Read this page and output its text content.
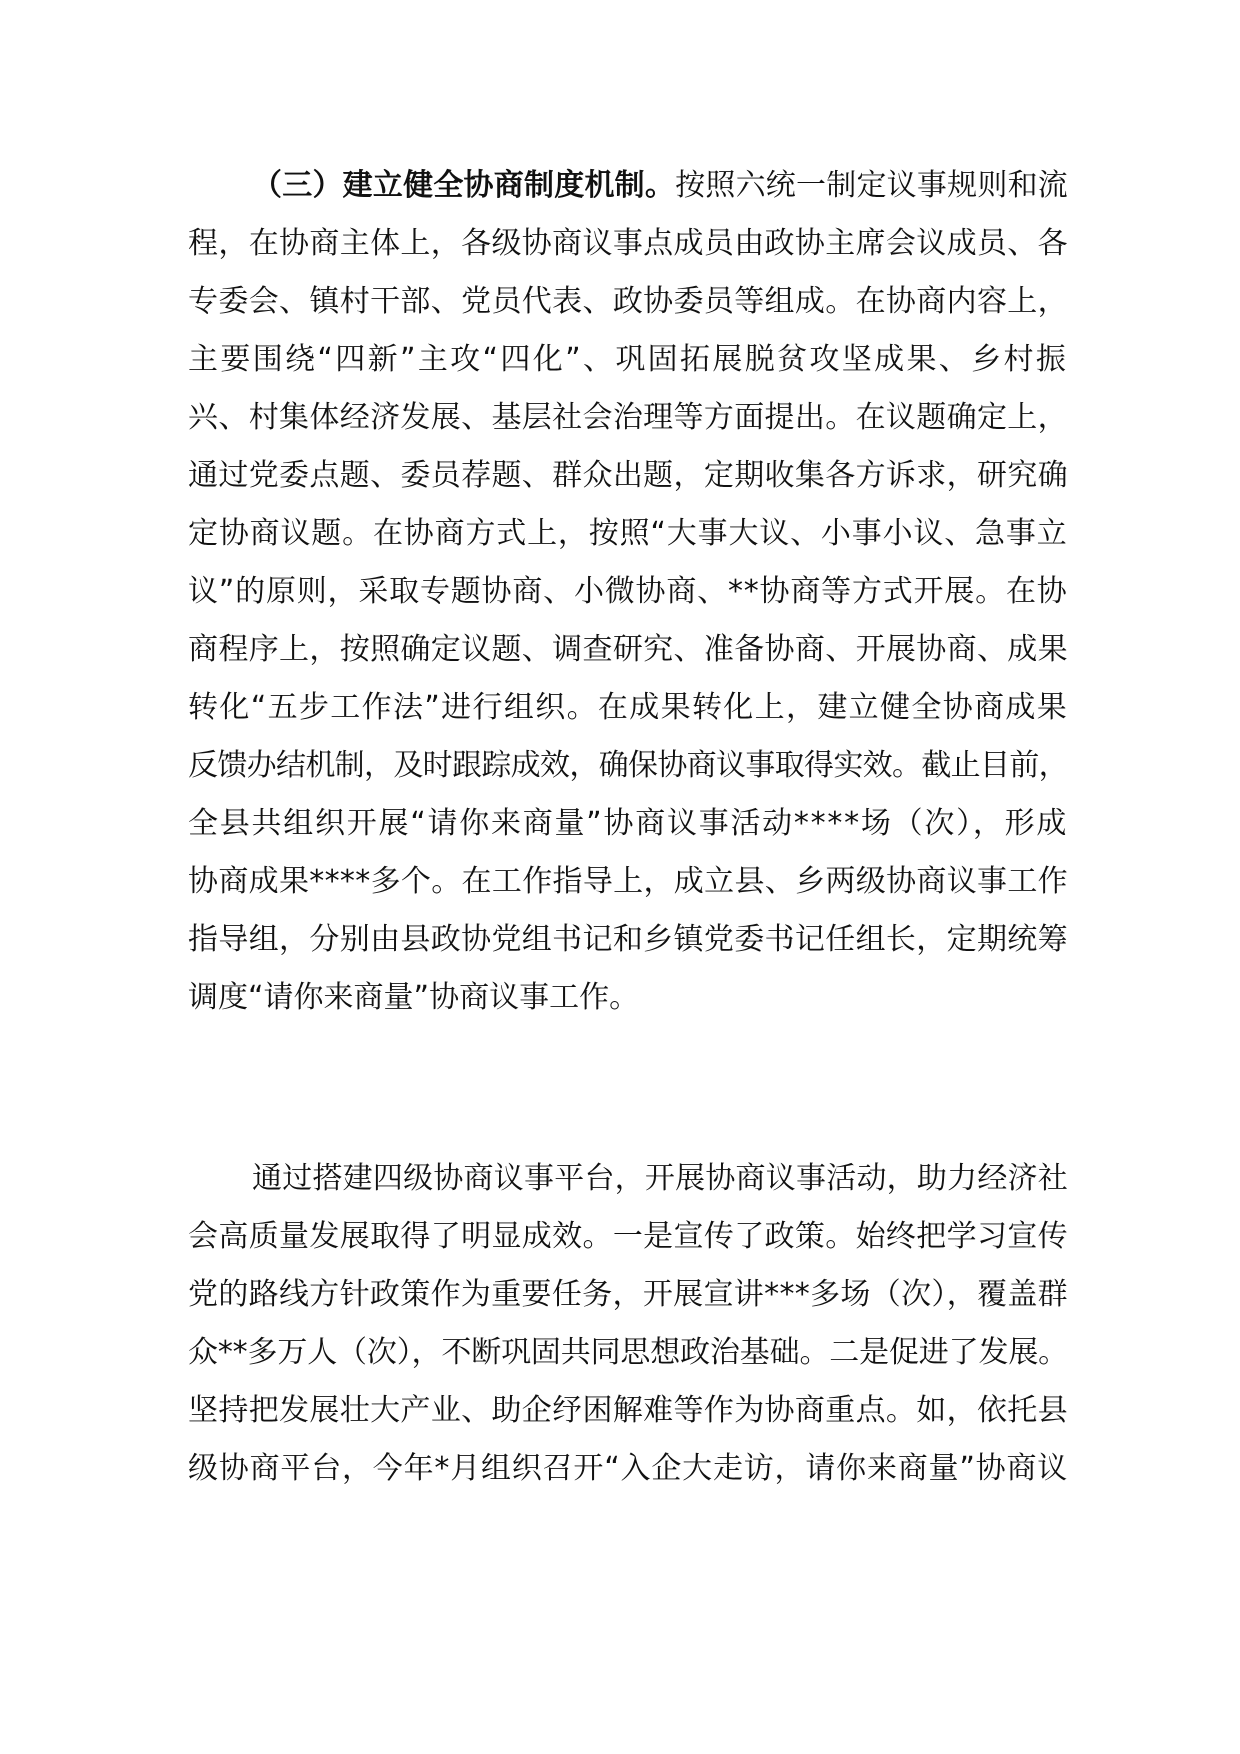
（三）建立健全协商制度机制。按照六统一制定议事规则和流
程，在协商主体上，各级协商议事点成员由政协主席会议成员、各
专委会、镇村干部、党员代表、政协委员等组成。在协商内容上，
主要围绕“四新”主攻“四化”、巩固拓展脱贫攻坚成果、乡村振
兴、村集体经济发展、基层社会治理等方面提出。在议题确定上，
通过党委点题、委员荐题、群众出题，定期收集各方诉求，研究确
定协商议题。在协商方式上，按照“大事大议、小事小议、急事立
议”的原则，采取专题协商、小微协商、**协商等方式开展。在协
商程序上，按照确定议题、调查研究、准备协商、开展协商、成果
转化“五步工作法”进行组织。在成果转化上，建立健全协商成果
反馈办结机制，及时跟踪成效，确保协商议事取得实效。截止目前，
全县共组织开展“请你来商量”协商议事活动****场（次），形成
协商成果****多个。在工作指导上，成立县、乡两级协商议事工作
指导组，分别由县政协党组书记和乡镇党委书记任组长，定期统筹
调度“请你来商量”协商议事工作。
通过搭建四级协商议事平台，开展协商议事活动，助力经济社
会高质量发展取得了明显成效。一是宣传了政策。始终把学习宣传
党的路线方针政策作为重要任务，开展宣讲***多场（次），覆盖群
众**多万人（次），不断巩固共同思想政治基础。二是促进了发展。
坚持把发展壮大产业、助企纾困解难等作为协商重点。如，依托县
级协商平台，今年*月组织召开“入企大走访，请你来商量”协商议
